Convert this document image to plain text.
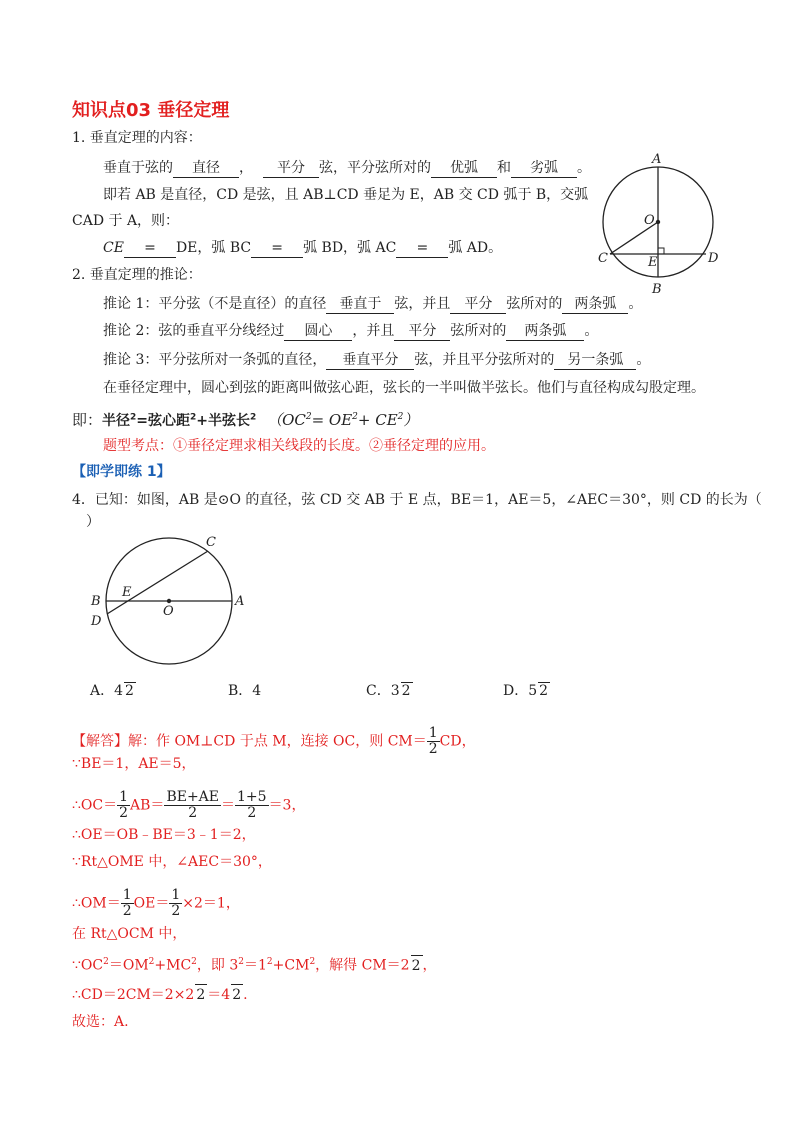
知识点03 垂径定理
1. 垂直定理的内容：
垂直于弦的 直径 ， 平分 弦，平分弦所对的 优弧 和 劣弧 。
即若 AB 是直径，CD 是弦，且 AB⊥CD 垂足为 E，AB 交 CD 弧于 B，交弧
CAD 于 A，则：
CE = DE，弧 BC = 弧 BD，弧 AC = 弧 AD。
A
O
C	E	D
B
2. 垂直定理的推论：
推论 1：平分弦（不是直径）的直径 垂直于 弦，并且 平分 弦所对的 两条弧 。
推论 2：弦的垂直平分线经过 圆心 ，并且 平分 弦所对的 两条弧 。
推论 3：平分弦所对一条弧的直径， 垂直平分 弦，并且平分弦所对的 另一条弧 。
在垂径定理中，圆心到弦的距离叫做弦心距，弦长的一半叫做半弦长。他们与直径构成勾股定理。
即：半径$^2$=弦心距$^2$+半弦长$^2$ $(OC^2= OE^2+ CE^2)$
题型考点：①垂径定理求相关线段的长度。②垂径定理的应用。
【即学即练 1】
4．已知：如图，AB 是⊙O 的直径，弦 CD 交 AB 于 E 点，BE＝1，AE＝5，∠AEC＝30°，则 CD 的长为（
）
C
B
E
O
A
D
A．4 2	B．4	C．3 2	D．5 2
【解答】解：作 OM⊥CD 于点 M，连接 OC，则 $CM= \frac{1}{2}$ CD，
∵BE＝1，AE＝5，
∴OC＝ $\frac{1}{2} AB= \frac{BE+AE}{2} = \frac{1+5}{2} =3$，
∴OE＝OB﹣BE＝3﹣1＝2，
∵Rt△OME 中，∠AEC＝30°，
∴OM＝ $\frac{1}{2} OE= \frac{1}{2} \times 2=1$，
在 Rt△OCM 中，
$\because OC^2=OM^2+MC^2$，即 $3^2=1^2+CM^2$，解得 CM＝2 2 ，
∴CD＝2CM＝2×2 2 ＝4 2 .
故选：A.
